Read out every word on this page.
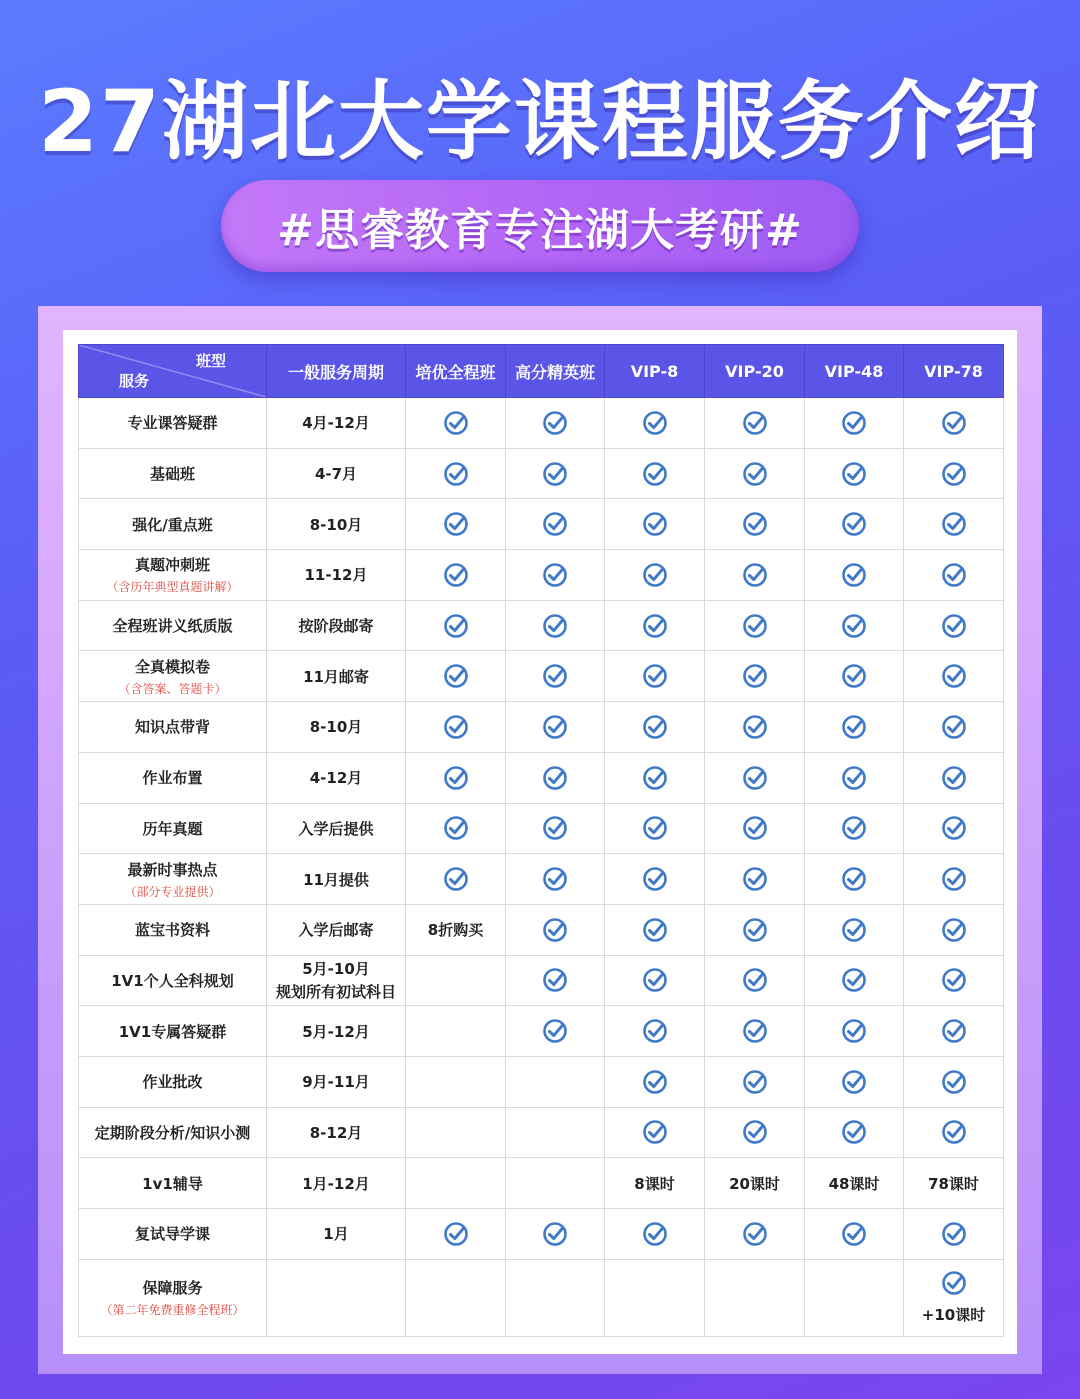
27湖北大学课程服务介绍
#思睿教育专注湖大考研#
班型
服务	一般服务周期	培优全程班	高分精英班	VIP-8	VIP-20	VIP-48	VIP-78
专业课答疑群	4月-12月						
基础班	4-7月						
强化/重点班	8-10月						
真题冲刺班
（含历年典型真题讲解）	11-12月						
全程班讲义纸质版	按阶段邮寄						
全真模拟卷
（含答案、答题卡）	11月邮寄						
知识点带背	8-10月						
作业布置	4-12月						
历年真题	入学后提供						
最新时事热点
（部分专业提供）	11月提供						
蓝宝书资料	入学后邮寄	8折购买					
1V1个人全科规划	5月-10月
规划所有初试科目

1V1专属答疑群	5月-12月						
作业批改	9月-11月						
定期阶段分析/知识小测	8-12月						
1v1辅导	1月-12月			8课时	20课时	48课时	78课时
复试导学课	1月						
保障服务
（第二年免费重修全程班）							+10课时
